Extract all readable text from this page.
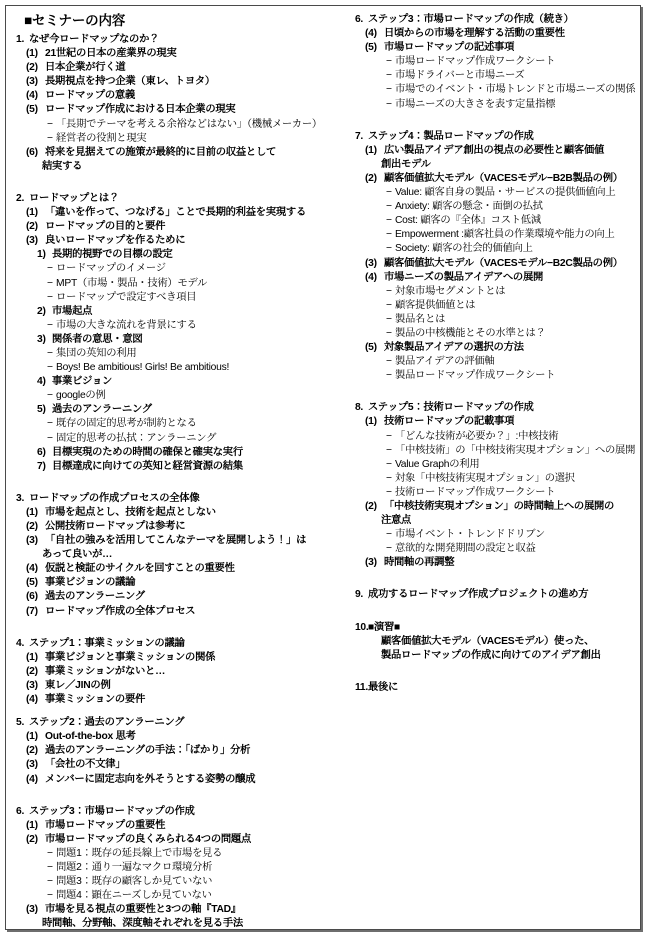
■セミナーの内容
1. なぜ今ロードマップなのか？
(1) 21世紀の日本の産業界の現実
(2) 日本企業が行く道
(3) 長期視点を持つ企業（東レ、トヨタ）
(4) ロードマップの意義
(5) ロードマップ作成における日本企業の現実
− 「長期でテーマを考える余裕などはない」（機械メーカー）
− 経営者の役割と現実
(6) 将来を見据えての施策が最終的に目前の収益として
結実する
2. ロードマップとは？
(1) 「違いを作って、つなげる」ことで長期的利益を実現する
(2) ロードマップの目的と要件
(3) 良いロードマップを作るために
1) 長期的視野での目標の設定
− ロードマップのイメージ
− MPT（市場・製品・技術）モデル
− ロードマップで設定すべき項目
2) 市場起点
− 市場の大きな流れを背景にする
3) 関係者の意思・意図
− 集団の英知の利用
− Boys! Be ambitious! Girls! Be ambitious!
4) 事業ビジョン
− googleの例
5) 過去のアンラーニング
− 既存の固定的思考が制約となる
− 固定的思考の払拭：アンラーニング
6) 目標実現のための時間の確保と確実な実行
7) 目標達成に向けての英知と経営資源の結集
3. ロードマップの作成プロセスの全体像
(1) 市場を起点とし、技術を起点としない
(2) 公開技術ロードマップは参考に
(3) 「自社の強みを活用してこんなテーマを展開しよう！」は
あって良いが…
(4) 仮説と検証のサイクルを回すことの重要性
(5) 事業ビジョンの議論
(6) 過去のアンラーニング
(7) ロードマップ作成の全体プロセス
4. ステップ1：事業ミッションの議論
(1) 事業ビジョンと事業ミッションの関係
(2) 事業ミッションがないと…
(3) 東レ／JINの例
(4) 事業ミッションの要件
5. ステップ2：過去のアンラーニング
(1) Out-of-the-box 思考
(2) 過去のアンラーニングの手法：「ばかり」分析
(3) 「会社の不文律」
(4) メンバーに固定志向を外そうとする姿勢の醸成
6. ステップ3：市場ロードマップの作成
(1) 市場ロードマップの重要性
(2) 市場ロードマップの良くみられる4つの問題点
− 問題1：既存の延長線上で市場を見る
− 問題2：通り一遍なマクロ環境分析
− 問題3：既存の顧客しか見ていない
− 問題4：顕在ニーズしか見ていない
(3) 市場を見る視点の重要性と3つの軸『TAD』
時間軸、分野軸、深度軸それぞれを見る手法
6. ステップ3：市場ロードマップの作成（続き）
(4) 日頃からの市場を理解する活動の重要性
(5) 市場ロードマップの記述事項
− 市場ロードマップ作成ワークシート
− 市場ドライバーと市場ニーズ
− 市場でのイベント・市場トレンドと市場ニーズの関係
− 市場ニーズの大きさを表す定量指標
7. ステップ4：製品ロードマップの作成
(1) 広い製品アイデア創出の視点の必要性と顧客価値
創出モデル
(2) 顧客価値拡大モデル（VACESモデル−B2B製品の例）
− Value: 顧客自身の製品・サービスの提供価値向上
− Anxiety: 顧客の懸念・面倒の払拭
− Cost: 顧客の『全体』コスト低減
− Empowerment :顧客社員の作業環境や能力の向上
− Society: 顧客の社会的価値向上
(3) 顧客価値拡大モデル（VACESモデル−B2C製品の例）
(4) 市場ニーズの製品アイデアへの展開
− 対象市場セグメントとは
− 顧客提供価値とは
− 製品名とは
− 製品の中核機能とその水準とは？
(5) 対象製品アイデアの選択の方法
− 製品アイデアの評価軸
− 製品ロードマップ作成ワークシート
8. ステップ5：技術ロードマップの作成
(1) 技術ロードマップの記載事項
− 「どんな技術が必要か？」:中核技術
− 「中核技術」の「中核技術実現オプション」への展開
− Value Graphの利用
− 対象「中核技術実現オプション」の選択
− 技術ロードマップ作成ワークシート
(2) 「中核技術実現オプション」の時間軸上への展開の
注意点
− 市場イベント・トレンドドリブン
− 意欲的な開発期間の設定と収益
(3) 時間軸の再調整
9. 成功するロードマップ作成プロジェクトの進め方
10. ■演習■
顧客価値拡大モデル（VACESモデル）使った、
製品ロードマップの作成に向けてのアイデア創出
11. 最後に
